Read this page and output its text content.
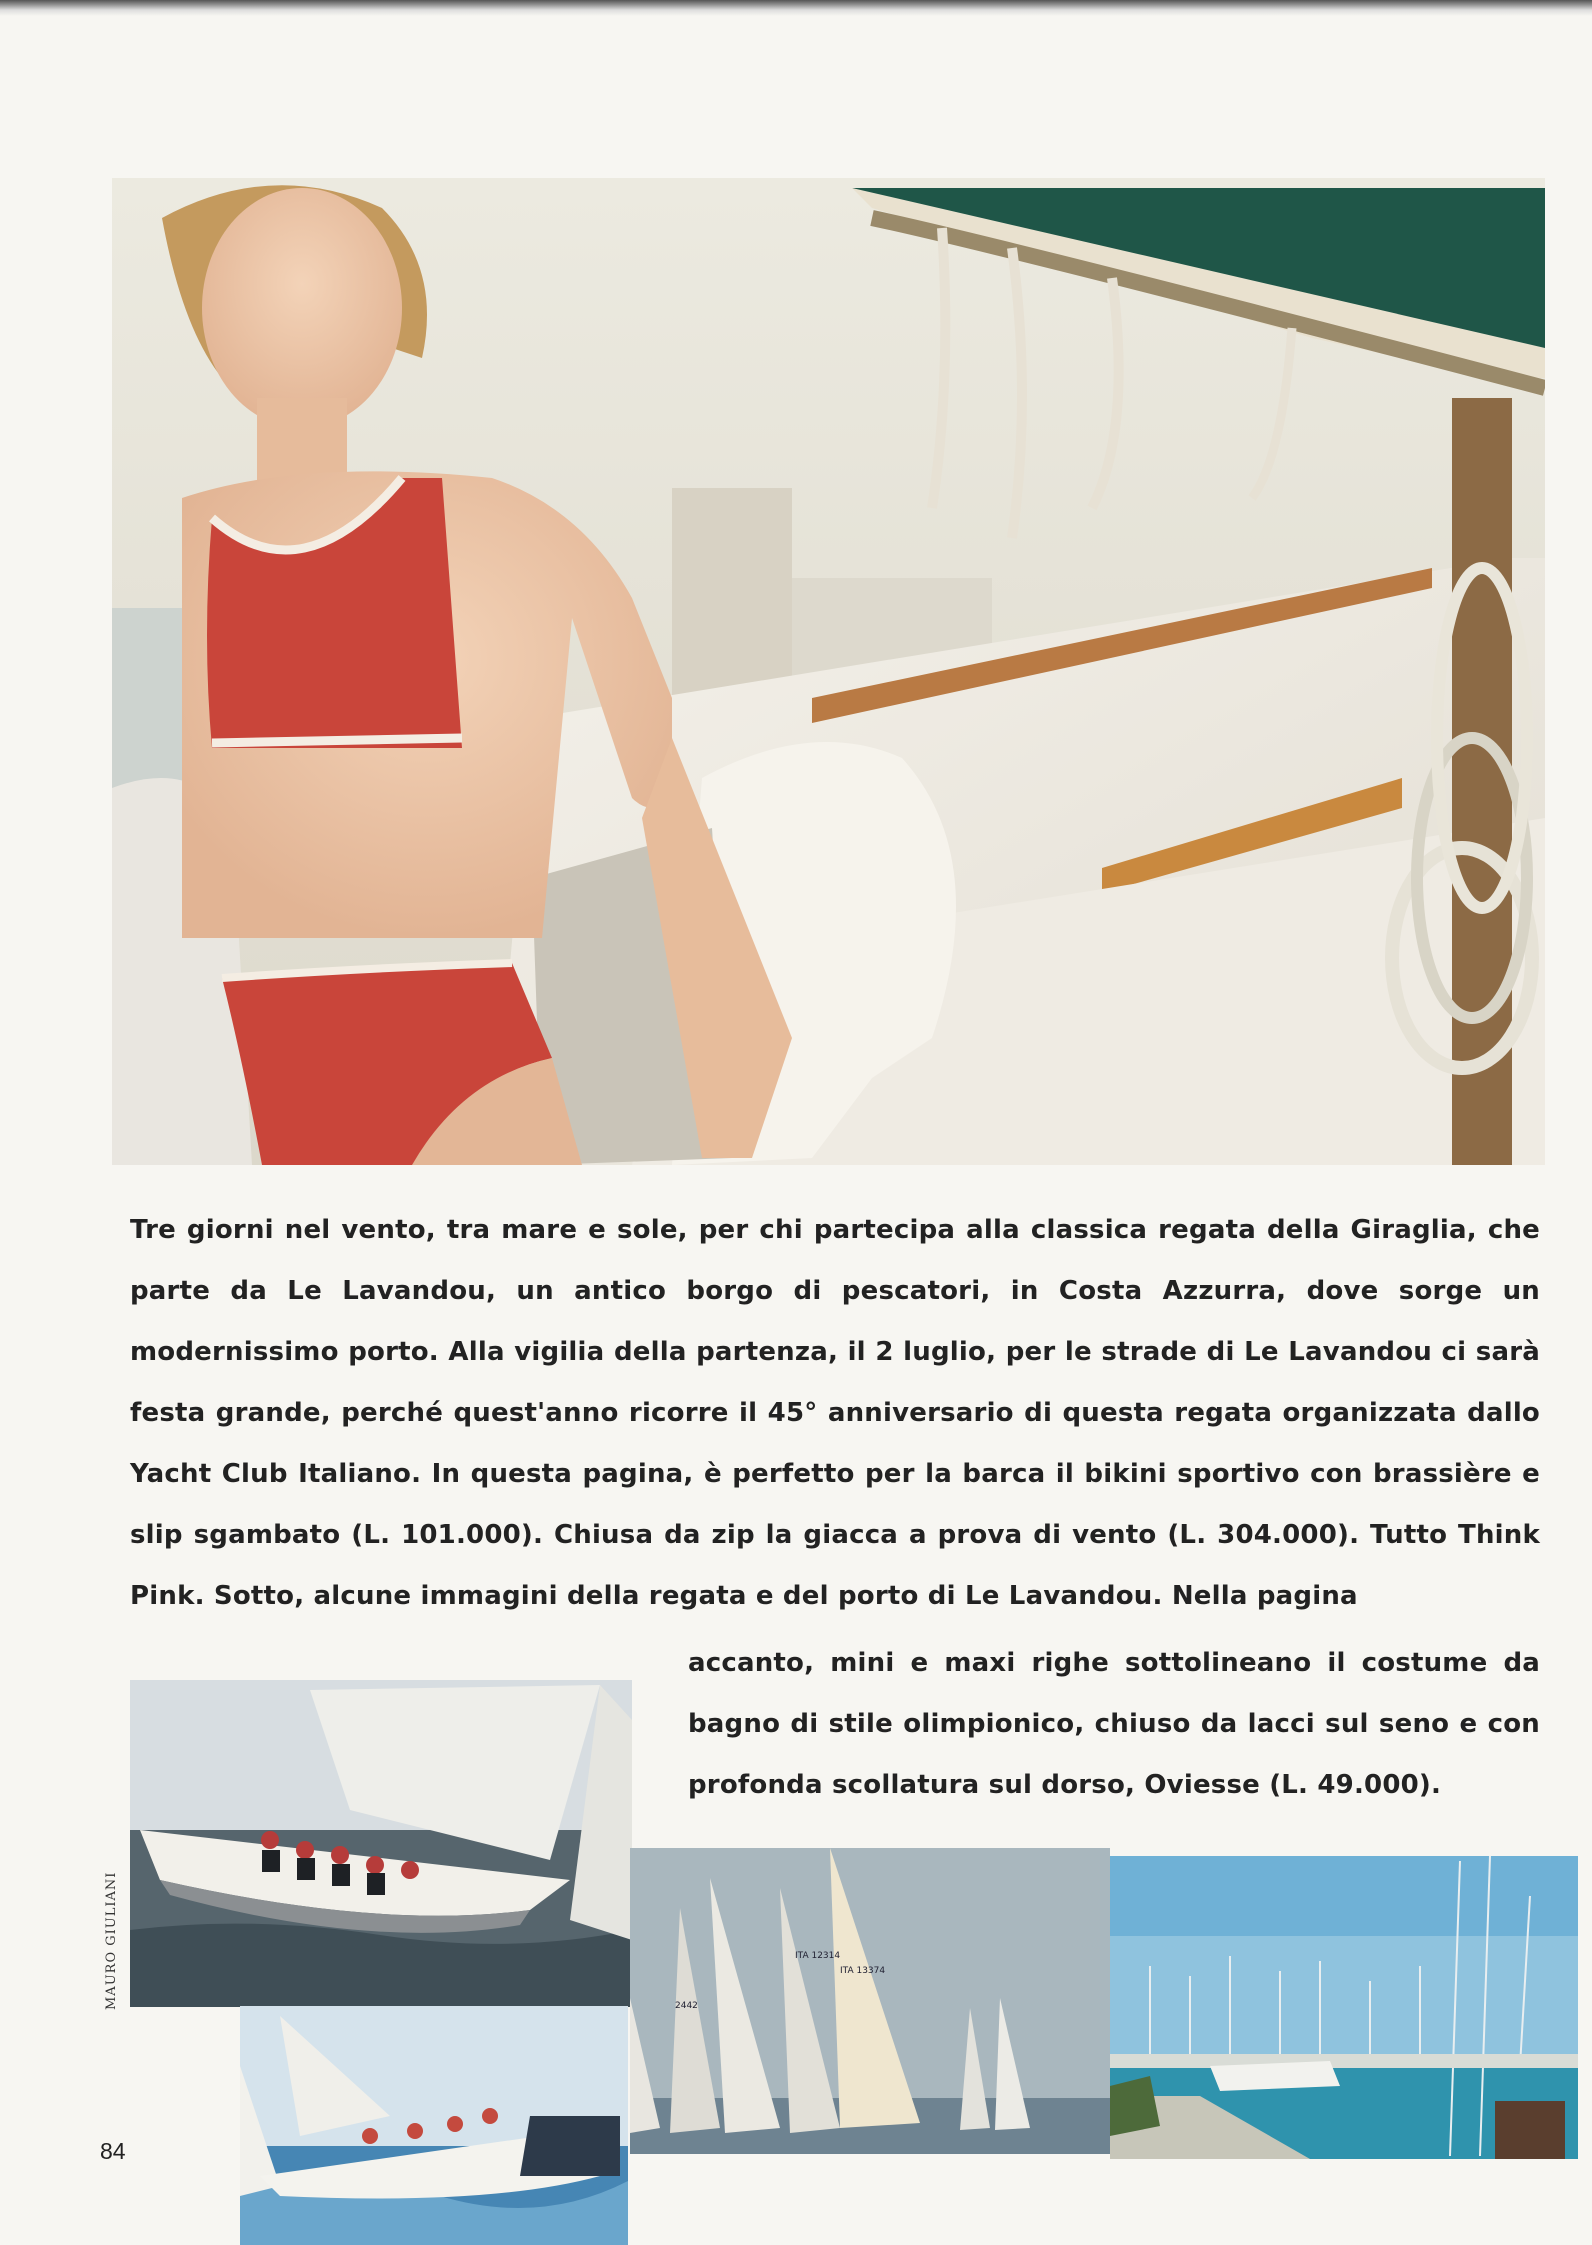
Tre giorni nel vento, tra mare e sole, per chi partecipa alla classica regata della Giraglia, che parte da Le Lavandou, un antico borgo di pescatori, in Costa Azzurra, dove sorge un modernissimo porto. Alla vigilia della partenza, il 2 luglio, per le strade di Le Lavandou ci sarà festa grande, perché quest'anno ricorre il 45° anniversario di questa regata organizzata dallo Yacht Club Italiano. In questa pagina, è perfetto per la barca il bikini sportivo con brassière e slip sgambato (L. 101.000). Chiusa da zip la giacca a prova di vento (L. 304.000). Tutto Think Pink. Sotto, alcune immagini della regata e del porto di Le Lavandou. Nella pagina
accanto, mini e maxi righe sottolineano il costume da bagno di stile olimpionico, chiuso da lacci sul seno e con profonda scollatura sul dorso, Oviesse (L. 49.000).
ITA 12314
ITA 13374
2442
MAURO GIULIANI
84
